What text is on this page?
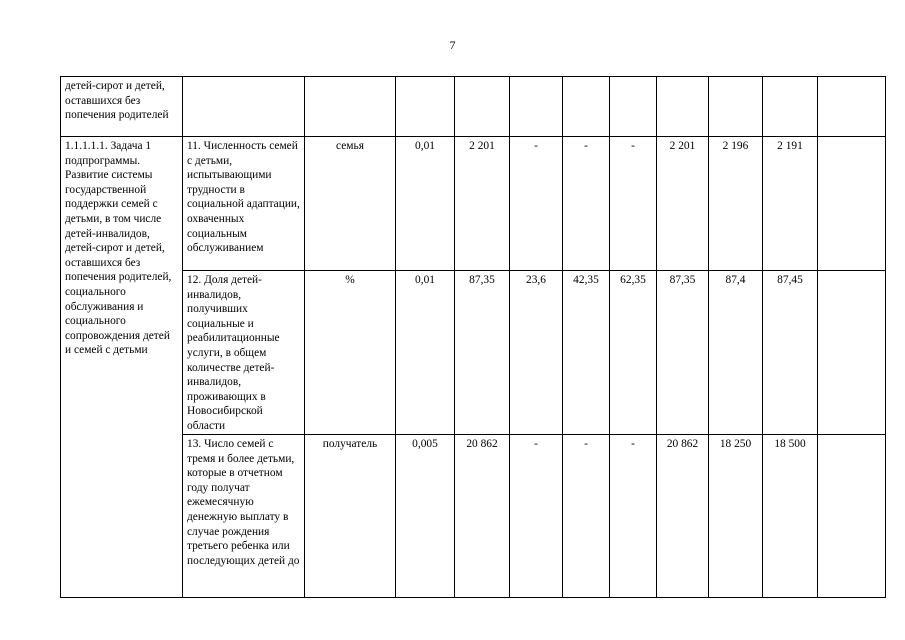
7
детей-сирот и детей, оставшихся без попечения родителей											
1.1.1.1.1. Задача 1 подпрограммы. Развитие системы государственной поддержки семей с детьми, в том числе детей-инвалидов, детей-сирот и детей, оставшихся без попечения родителей, социального обслуживания и социального сопровождения детей и семей с детьми	11. Численность семей с детьми, испытывающими трудности в социальной адаптации, охваченных социальным обслуживанием	семья	0,01	2 201	-	-	-	2 201	2 196	2 191	
	12. Доля детей-инвалидов, получивших социальные и реабилитационные услуги, в общем количестве детей-инвалидов, проживающих в Новосибирской области	%	0,01	87,35	23,6	42,35	62,35	87,35	87,4	87,45	

	13. Число семей с тремя и более детьми, которые в отчетном году получат ежемесячную денежную выплату в случае рождения третьего ребенка или последующих детей до	получатель	0,005	20 862	-	-	-	20 862	18 250	18 500	
